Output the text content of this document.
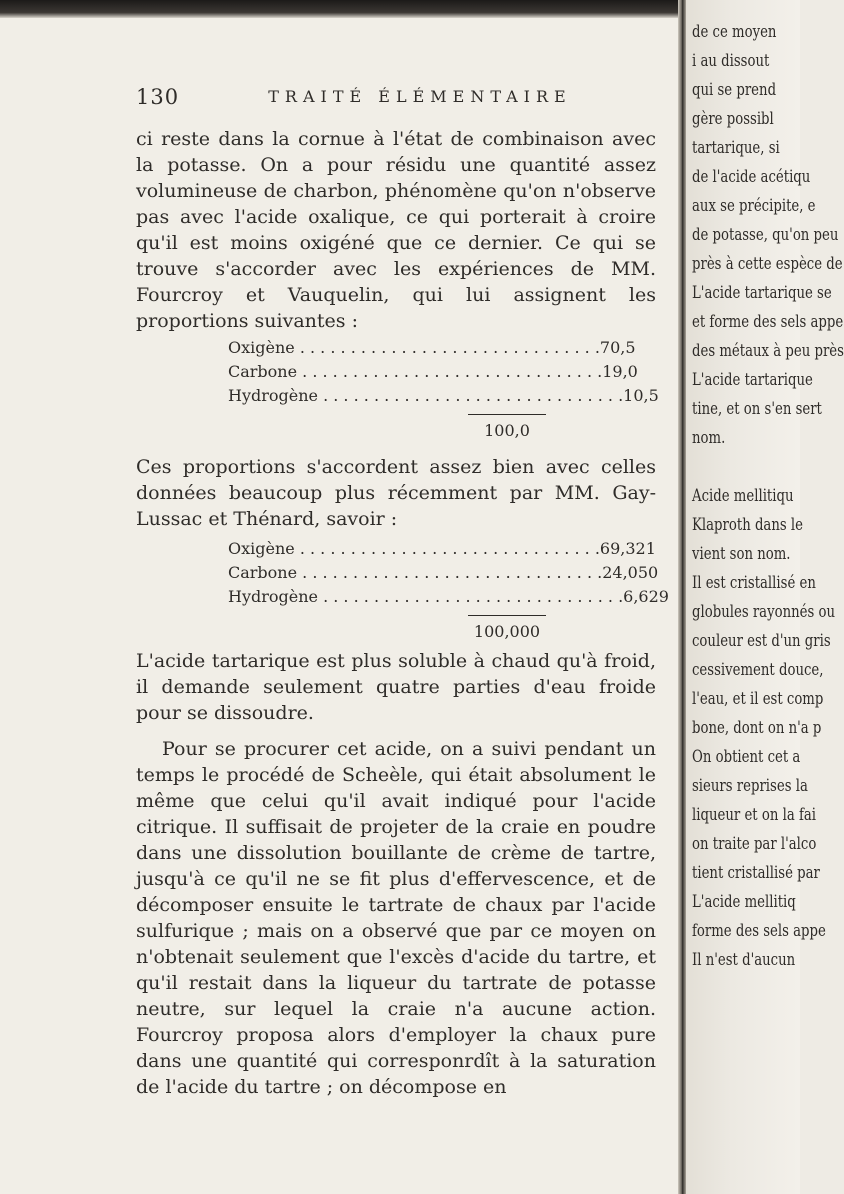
de ce moyen
i au dissout
qui se prend
gère possibl
tartarique, si
de l'acide acétiqu
aux se précipite, e
de potasse, qu'on peu
près à cette espèce de
L'acide tartarique se
et forme des sels appe
des métaux à peu près
L'acide tartarique
tine, et on s'en sert
nom.

Acide mellitiqu
Klaproth dans le
vient son nom.
Il est cristallisé en
globules rayonnés ou
couleur est d'un gris
cessivement douce,
l'eau, et il est comp
bone, dont on n'a p
On obtient cet a
sieurs reprises la
liqueur et on la fai
on traite par l'alco
tient cristallisé par
L'acide mellitiq
forme des sels appe
Il n'est d'aucun
130	TRAITÉ ÉLÉMENTAIRE

ci reste dans la cornue à l'état de combinaison avec la potasse. On a pour résidu une quantité assez volumineuse de charbon, phénomène qu'on n'observe pas avec l'acide oxalique, ce qui porterait à croire qu'il est moins oxigéné que ce dernier. Ce qui se trouve s'accorder avec les expériences de MM. Fourcroy et Vauquelin, qui lui assignent les proportions suivantes :

Oxigène . . .	70,5
Carbone . . .	19,0
Hydrogène . . .	10,5
100,0

Ces proportions s'accordent assez bien avec celles données beaucoup plus récemment par MM. Gay-Lussac et Thénard, savoir :

Oxigène . . .	69,321
Carbone . . .	24,050
Hydrogène . . .	6,629
100,000

L'acide tartarique est plus soluble à chaud qu'à froid, il demande seulement quatre parties d'eau froide pour se dissoudre.

Pour se procurer cet acide, on a suivi pendant un temps le procédé de Scheèle, qui était absolument le même que celui qu'il avait indiqué pour l'acide citrique. Il suffisait de projeter de la craie en poudre dans une dissolution bouillante de crème de tartre, jusqu'à ce qu'il ne se fit plus d'effervescence, et de décomposer ensuite le tartrate de chaux par l'acide sulfurique ; mais on a observé que par ce moyen on n'obtenait seulement que l'excès d'acide du tartre, et qu'il restait dans la liqueur du tartrate de potasse neutre, sur lequel la craie n'a aucune action. Fourcroy proposa alors d'employer la chaux pure dans une quantité qui corresponrdît à la saturation de l'acide du tartre ; on décompose en
